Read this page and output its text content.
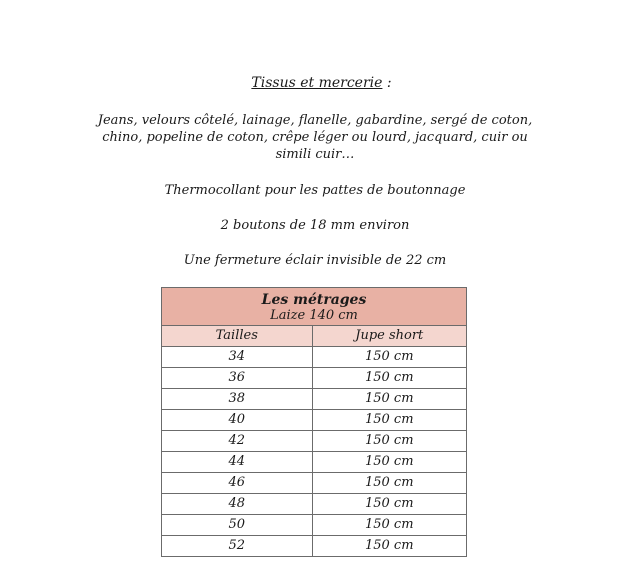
Tissus et mercerie :
Jeans, velours côtelé, lainage, flanelle, gabardine, sergé de coton,
chino, popeline de coton, crêpe léger ou lourd, jacquard, cuir ou
simili cuir…
Thermocollant pour les pattes de boutonnage
2 boutons de 18 mm environ
Une fermeture éclair invisible de 22 cm
Les métrages
Laize 140 cm	

Tailles	Jupe short
34	150 cm
36	150 cm
38	150 cm
40	150 cm
42	150 cm
44	150 cm
46	150 cm
48	150 cm
50	150 cm
52	150 cm
